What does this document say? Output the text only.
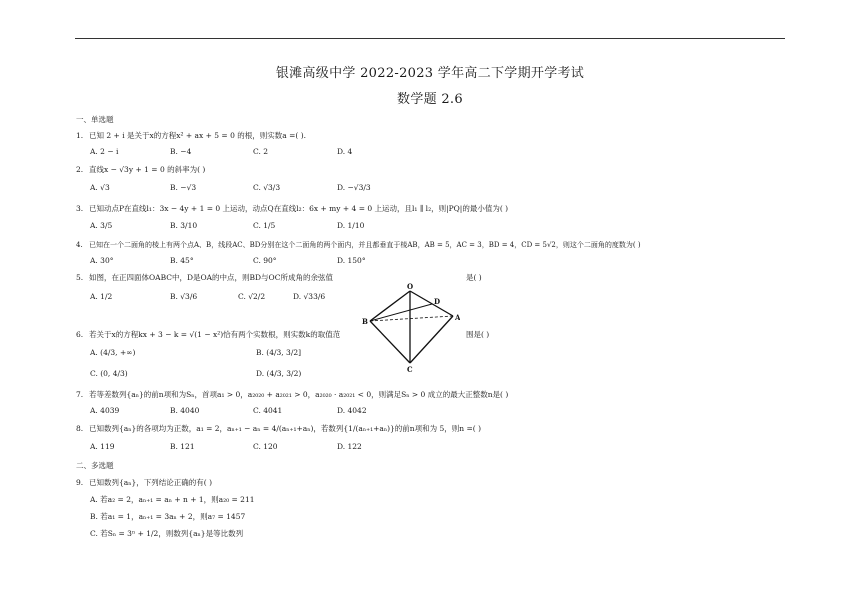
银滩高级中学 2022-2023 学年高二下学期开学考试
数学题 2.6
一、单选题
1. 已知 2 + i 是关于x的方程x² + ax + 5 = 0 的根，则实数a =( ).
A. 2 − i	B. −4	C. 2	D. 4
2. 直线x − √3y + 1 = 0 的斜率为( )
A. √3	B. −√3	C. √3/3	D. −√3/3
3. 已知动点P在直线l₁：3x − 4y + 1 = 0 上运动，动点Q在直线l₂：6x + my + 4 = 0 上运动，且l₁ ∥ l₂，则|PQ|的最小值为( )
A. 3/5	B. 3/10	C. 1/5	D. 1/10
4. 已知在一个二面角的棱上有两个点A、B，线段AC、BD分别在这个二面角的两个面内，并且都垂直于棱AB，AB = 5，AC = 3，BD = 4，CD = 5√2，则这个二面角的度数为( )
A. 30°	B. 45°	C. 90°	D. 150°
5. 如图，在正四面体OABC中，D是OA的中点，则BD与OC所成角的余弦值	是( )
A. 1/2	B. √3/6	C. √2/2	D. √33/6
O
D
A
B
C
6. 若关于x的方程kx + 3 − k = √(1 − x²)恰有两个实数根，则实数k的取值范	围是( )
A. (4/3, +∞)	B. (4/3, 3/2]
C. (0, 4/3)	D. (4/3, 3/2)
7. 若等差数列{aₙ}的前n项和为Sₙ，首项a₁ > 0，a₂₀₂₀ + a₂₀₂₁ > 0，a₂₀₂₀ · a₂₀₂₁ < 0，则满足Sₙ > 0 成立的最大正整数n是( )
A. 4039	B. 4040	C. 4041	D. 4042
8. 已知数列{aₙ}的各项均为正数，a₁ = 2，aₙ₊₁ − aₙ = 4/(aₙ₊₁+aₙ)，若数列{1/(aₙ₊₁+aₙ)}的前n项和为 5，则n =( )
A. 119	B. 121	C. 120	D. 122
二、多选题
9. 已知数列{aₙ}，下列结论正确的有( )
A. 若a₂ = 2，aₙ₊₁ = aₙ + n + 1，则a₂₀ = 211
B. 若a₁ = 1，aₙ₊₁ = 3aₙ + 2，则a₇ = 1457
C. 若Sₙ = 3ⁿ + 1/2，则数列{aₙ}是等比数列
